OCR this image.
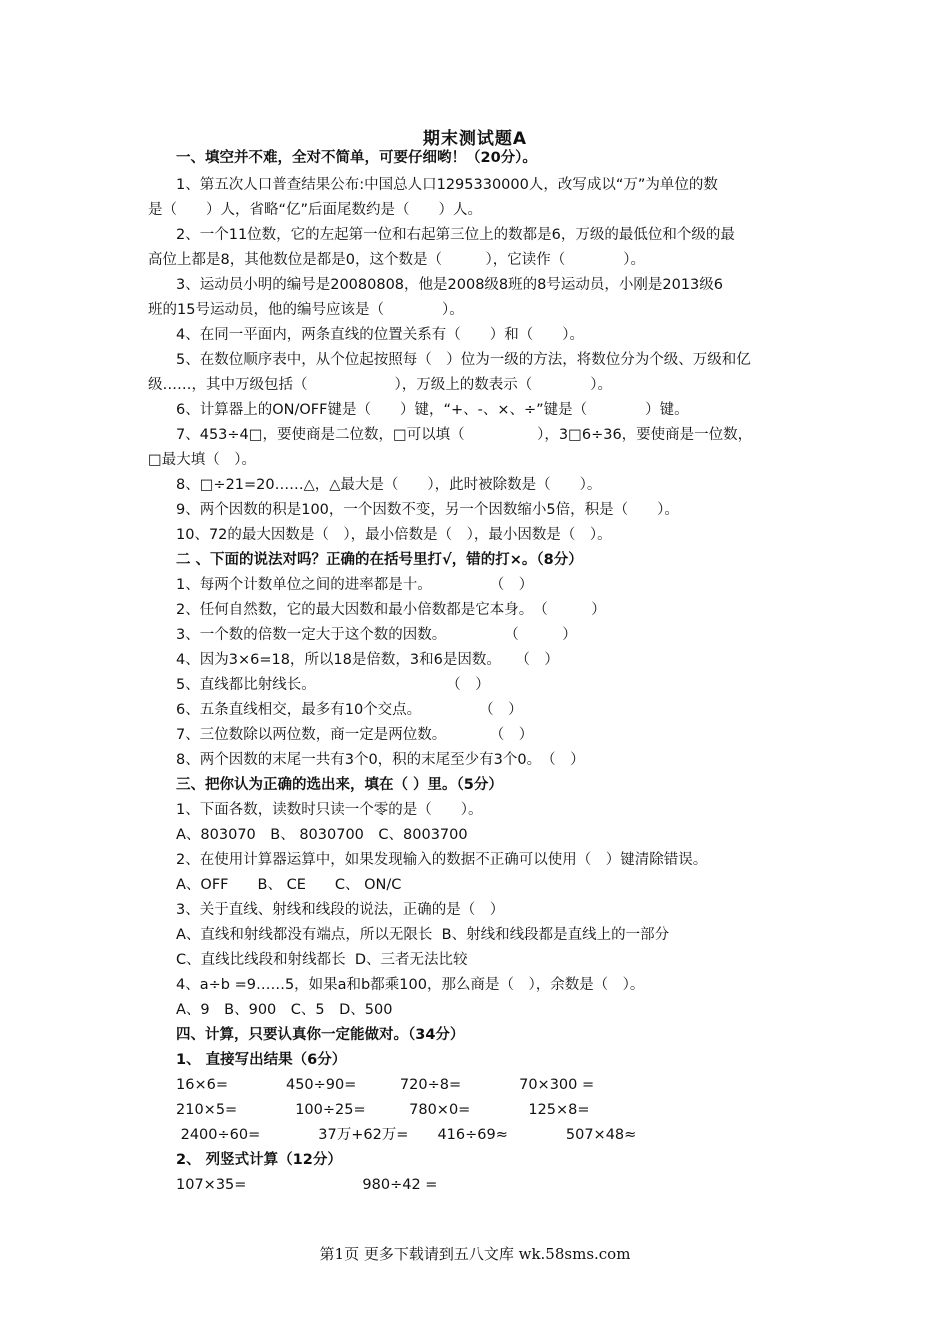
期末测试题A
一、填空并不难，全对不简单，可要仔细哟！（20分）。
1、第五次人口普查结果公布:中国总人口1295330000人，改写成以“万”为单位的数
是（　　）人，省略“亿”后面尾数约是（　　）人。
2、一个11位数，它的左起第一位和右起第三位上的数都是6，万级的最低位和个级的最
高位上都是8，其他数位是都是0，这个数是（　　　），它读作（　　　　）。
3、运动员小明的编号是20080808，他是2008级8班的8号运动员，小刚是2013级6
班的15号运动员，他的编号应该是（　　　　）。
4、在同一平面内，两条直线的位置关系有（　　）和（　　）。
5、在数位顺序表中，从个位起按照每（　）位为一级的方法，将数位分为个级、万级和亿
级……，其中万级包括（　　　　　　），万级上的数表示（　　　　）。
6、计算器上的ON/OFF键是（　　）键，“+、-、×、÷”键是（　　　　）键。
7、453÷4□，要使商是二位数，□可以填（　　　　　），3□6÷36，要使商是一位数，
□最大填（　）。
8、□÷21=20……△，△最大是（　　），此时被除数是（　　）。
9、两个因数的积是100，一个因数不变，另一个因数缩小5倍，积是（　　）。
10、72的最大因数是（　），最小倍数是（　），最小因数是（　）。
二 、下面的说法对吗？正确的在括号里打√，错的打×。（8分）
1、每两个计数单位之间的进率都是十。　　　　　（　）
2、任何自然数，它的最大因数和最小倍数都是它本身。　（　　　）
3、一个数的倍数一定大于这个数的因数。　　　　　（　　　）
4、因为3×6=18，所以18是倍数，3和6是因数。　　（　）
5、直线都比射线长。　　　　　　　　　　（　）
6、五条直线相交，最多有10个交点。　　　　　（　）
7、三位数除以两位数，商一定是两位数。　　　　（　）
8、两个因数的末尾一共有3个0，积的末尾至少有3个0。　（　）
三、把你认为正确的选出来，填在（ ）里。（5分）
1、下面各数，读数时只读一个零的是（　　）。
A、803070　B、 8030700　C、8003700
2、在使用计算器运算中，如果发现输入的数据不正确可以使用（　）键清除错误。
A、OFF　　B、 CE　　C、 ON/C
3、关于直线、射线和线段的说法，正确的是（　）
A、直线和射线都没有端点，所以无限长  B、射线和线段都是直线上的一部分
C、直线比线段和射线都长  D、三者无法比较
4、a÷b =9……5，如果a和b都乘100，那么商是（　），余数是（　）。
A、9　B、900　C、5　D、500
四、计算，只要认真你一定能做对。（34分）
1、 直接写出结果（6分）
16×6=　　　　450÷90=　　　720÷8=　　　　70×300 =
210×5=　　　　100÷25=　　　780×0=　　　　125×8=
2400÷60=　　　　37万+62万=　　416÷69≈　　　　507×48≈
2、 列竖式计算（12分）
107×35=　　　　　　　　980÷42 =
第1页 更多下载请到五八文库 wk.58sms.com
